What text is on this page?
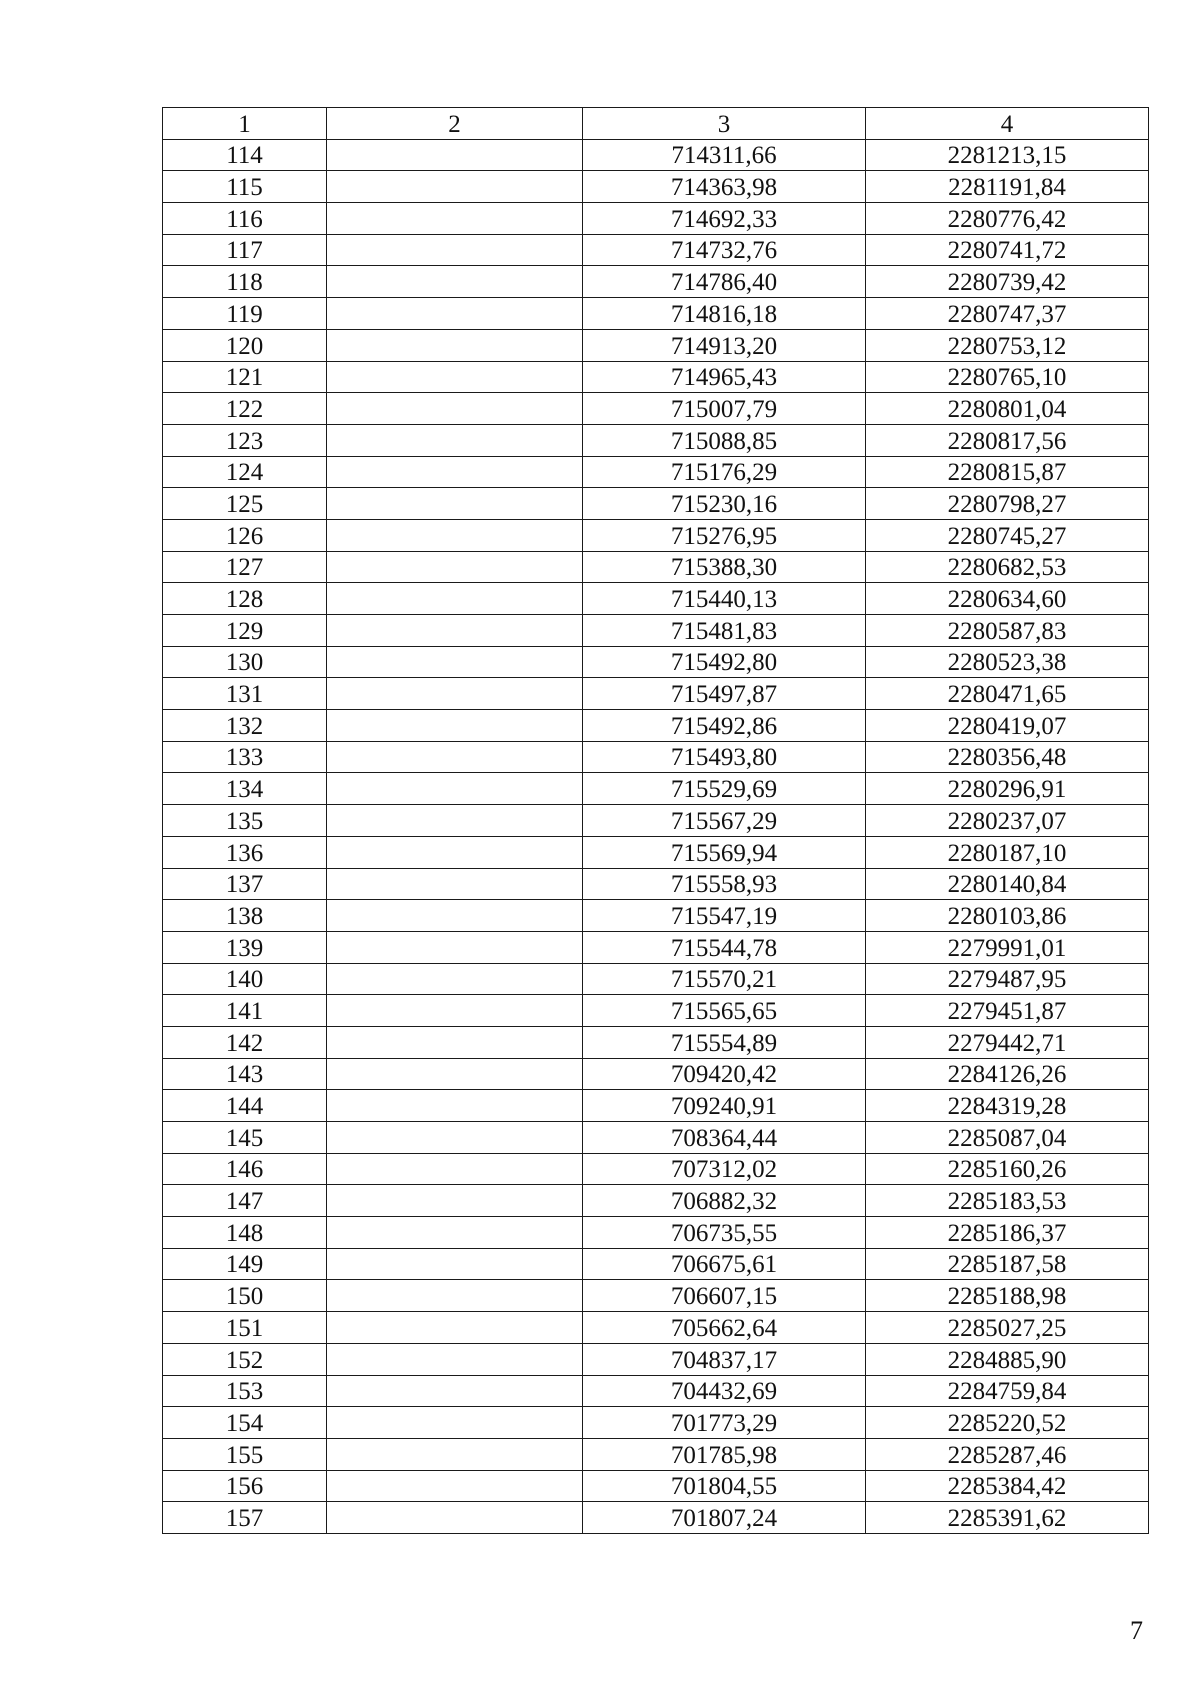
1	2	3	4
114		714311,66	2281213,15
115		714363,98	2281191,84
116		714692,33	2280776,42
117		714732,76	2280741,72
118		714786,40	2280739,42
119		714816,18	2280747,37
120		714913,20	2280753,12
121		714965,43	2280765,10
122		715007,79	2280801,04
123		715088,85	2280817,56
124		715176,29	2280815,87
125		715230,16	2280798,27
126		715276,95	2280745,27
127		715388,30	2280682,53
128		715440,13	2280634,60
129		715481,83	2280587,83
130		715492,80	2280523,38
131		715497,87	2280471,65
132		715492,86	2280419,07
133		715493,80	2280356,48
134		715529,69	2280296,91
135		715567,29	2280237,07
136		715569,94	2280187,10
137		715558,93	2280140,84
138		715547,19	2280103,86
139		715544,78	2279991,01
140		715570,21	2279487,95
141		715565,65	2279451,87
142		715554,89	2279442,71
143		709420,42	2284126,26
144		709240,91	2284319,28
145		708364,44	2285087,04
146		707312,02	2285160,26
147		706882,32	2285183,53
148		706735,55	2285186,37
149		706675,61	2285187,58
150		706607,15	2285188,98
151		705662,64	2285027,25
152		704837,17	2284885,90
153		704432,69	2284759,84
154		701773,29	2285220,52
155		701785,98	2285287,46
156		701804,55	2285384,42
157		701807,24	2285391,62
7
